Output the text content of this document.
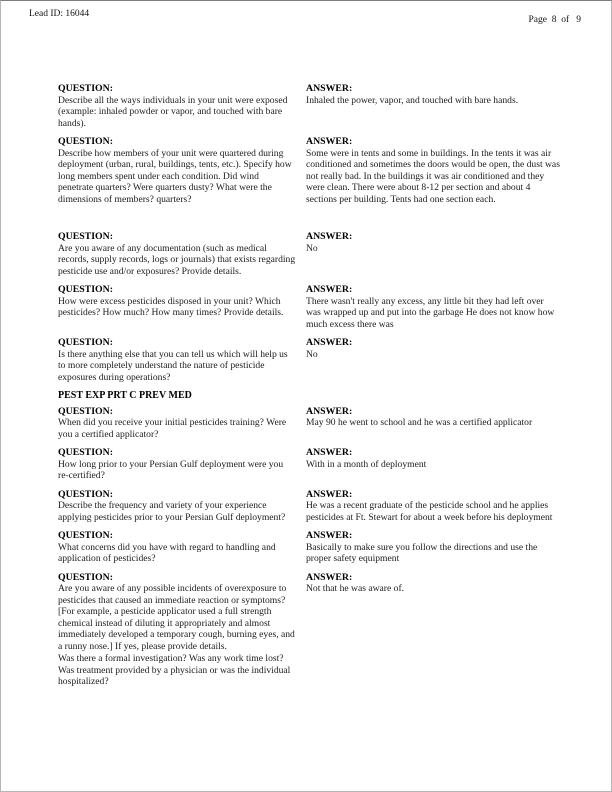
Lead ID: 16044
Page  8  of   9
QUESTION:
Describe all the ways individuals in your unit were exposed (example: inhaled powder or vapor, and touched with bare hands).
ANSWER:
Inhaled the power, vapor, and touched with bare hands.
QUESTION:
Describe how members of your unit were quartered during deployment (urban, rural, buildings, tents, etc.). Specify how long members spent under each condition. Did wind penetrate quarters? Were quarters dusty? What were the dimensions of members? quarters?
ANSWER:
Some were in tents and some in buildings. In the tents it was air conditioned and sometimes the doors would be open, the dust was not really bad. In the buildings it was air conditioned and they were clean. There were about 8-12 per section and about 4 sections per building. Tents had one section each.
QUESTION:
Are you aware of any documentation (such as medical records, supply records, logs or journals) that exists regarding pesticide use and/or exposures? Provide details.
ANSWER:
No
QUESTION:
How were excess pesticides disposed in your unit? Which pesticides? How much? How many times? Provide details.
ANSWER:
There wasn't really any excess, any little bit they had left over was wrapped up and put into the garbage He does not know how much excess there was
QUESTION:
Is there anything else that you can tell us which will help us to more completely understand the nature of pesticide exposures during operations?
ANSWER:
No
PEST EXP PRT C PREV MED
QUESTION:
When did you receive your initial pesticides training? Were you a certified applicator?
ANSWER:
May 90 he went to school and he was a certified applicator
QUESTION:
How long prior to your Persian Gulf deployment were you re-certified?
ANSWER:
With in a month of deployment
QUESTION:
Describe the frequency and variety of your experience applying pesticides prior to your Persian Gulf deployment?
ANSWER:
He was a recent graduate of the pesticide school and he applies pesticides at Ft. Stewart for about a week before his deployment
QUESTION:
What concerns did you have with regard to handling and application of pesticides?
ANSWER:
Basically to make sure you follow the directions and use the proper safety equipment
QUESTION:
Are you aware of any possible incidents of overexposure to pesticides that caused an immediate reaction or symptoms? [For example, a pesticide applicator used a full strength chemical instead of diluting it appropriately and almost immediately developed a temporary cough, burning eyes, and a runny nose.] If yes, please provide details.
Was there a formal investigation? Was any work time lost? Was treatment provided by a physician or was the individual hospitalized?
ANSWER:
Not that he was aware of.
